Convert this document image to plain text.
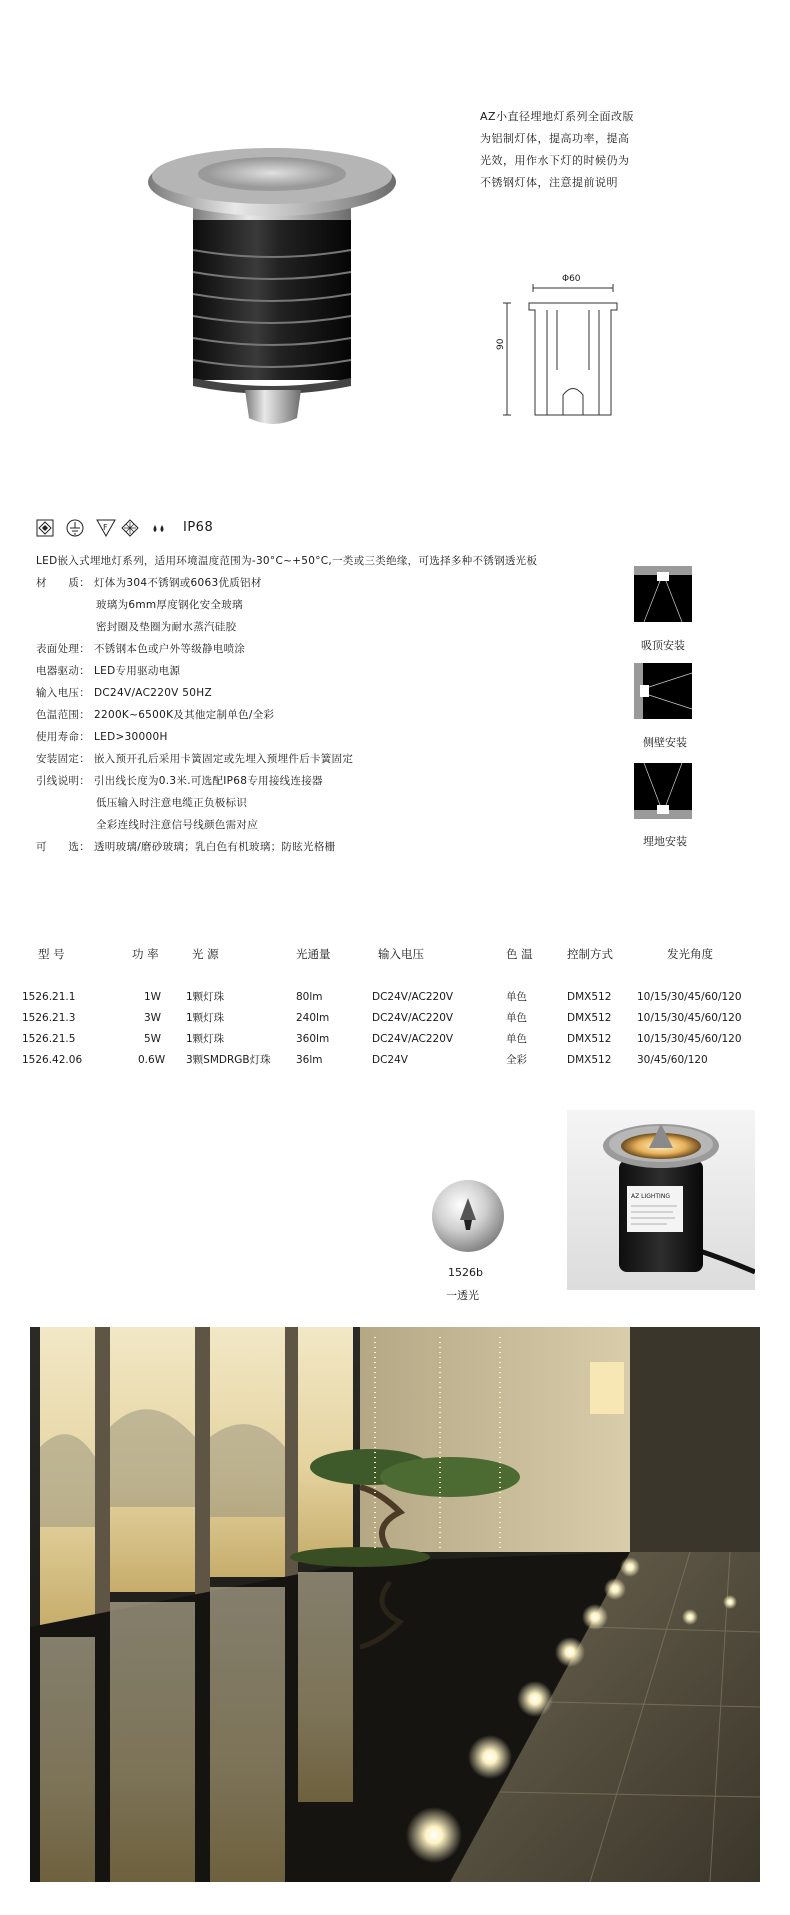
Φ60
90
AZ小直径埋地灯系列全面改版
为铝制灯体，提高功率，提高
光效，用作水下灯的时候仍为
不锈钢灯体，注意提前说明
F	IP68
LED嵌入式埋地灯系列，适用环境温度范围为-30°C~+50°C,一类或三类绝缘，可选择多种不锈钢透光板
材　　质： 灯体为304不锈钢或6063优质铝材
玻璃为6mm厚度钢化安全玻璃
密封圈及垫圈为耐水蒸汽硅胶
表面处理： 不锈钢本色或户外等级静电喷涂
电器驱动： LED专用驱动电源
输入电压： DC24V/AC220V 50HZ
色温范围： 2200K~6500K及其他定制单色/全彩
使用寿命： LED>30000H
安装固定： 嵌入预开孔后采用卡簧固定或先埋入预埋件后卡簧固定
引线说明： 引出线长度为0.3米.可选配IP68专用接线连接器
低压输入时注意电缆正负极标识
全彩连线时注意信号线颜色需对应
可　　选： 透明玻璃/磨砂玻璃；乳白色有机玻璃；防眩光格栅
吸顶安装
侧壁安装
埋地安装
型 号	功 率	光 源	光通量	输入电压	色 温	控制方式	发光角度

1526.21.1	1W	1颗灯珠	80lm	DC24V/AC220V	单色	DMX512	10/15/30/45/60/120
1526.21.3	3W	1颗灯珠	240lm	DC24V/AC220V	单色	DMX512	10/15/30/45/60/120
1526.21.5	5W	1颗灯珠	360lm	DC24V/AC220V	单色	DMX512	10/15/30/45/60/120
1526.42.06	0.6W	3颗SMDRGB灯珠	36lm	DC24V	全彩	DMX512	30/45/60/120
1526b
一透光
AZ LIGHTING
